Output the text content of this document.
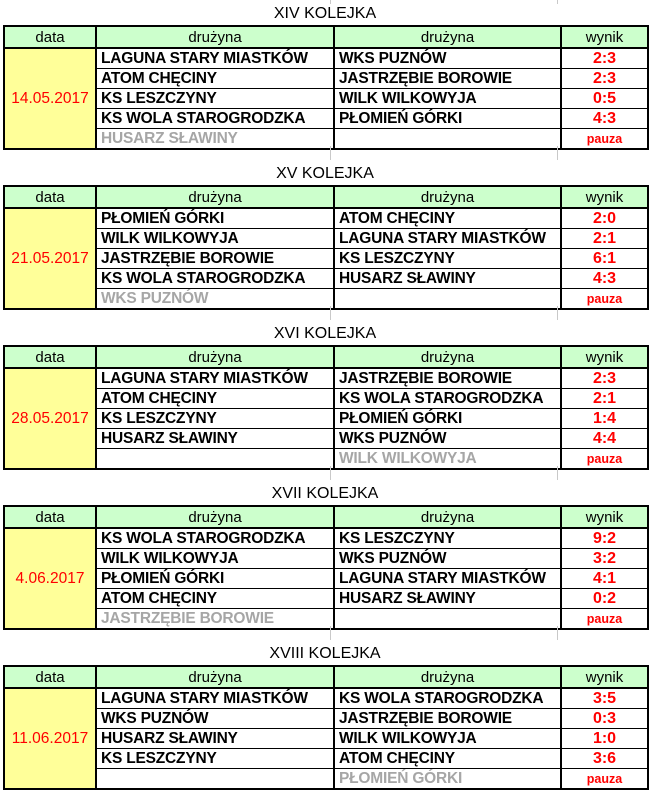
XIV KOLEJKA
data	drużyna	drużyna	wynik
14.05.2017	LAGUNA STARY MIASTKÓW	WKS PUZNÓW	2:3
	ATOM CHĘCINY	JASTRZĘBIE BOROWIE	2:3
	KS LESZCZYNY	WILK WILKOWYJA	0:5
	KS WOLA STAROGRODZKA	PŁOMIEŃ GÓRKI	4:3
	HUSARZ SŁAWINY		pauza
XV KOLEJKA
data	drużyna	drużyna	wynik
21.05.2017	PŁOMIEŃ GÓRKI	ATOM CHĘCINY	2:0
	WILK WILKOWYJA	LAGUNA STARY MIASTKÓW	2:1
	JASTRZĘBIE BOROWIE	KS LESZCZYNY	6:1
	KS WOLA STAROGRODZKA	HUSARZ SŁAWINY	4:3
	WKS PUZNÓW		pauza
XVI KOLEJKA
data	drużyna	drużyna	wynik
28.05.2017	LAGUNA STARY MIASTKÓW	JASTRZĘBIE BOROWIE	2:3
	ATOM CHĘCINY	KS WOLA STAROGRODZKA	2:1
	KS LESZCZYNY	PŁOMIEŃ GÓRKI	1:4
	HUSARZ SŁAWINY	WKS PUZNÓW	4:4
		WILK WILKOWYJA	pauza
XVII KOLEJKA
data	drużyna	drużyna	wynik
4.06.2017	KS WOLA STAROGRODZKA	KS LESZCZYNY	9:2
	WILK WILKOWYJA	WKS PUZNÓW	3:2
	PŁOMIEŃ GÓRKI	LAGUNA STARY MIASTKÓW	4:1
	ATOM CHĘCINY	HUSARZ SŁAWINY	0:2
	JASTRZĘBIE BOROWIE		pauza
XVIII KOLEJKA
data	drużyna	drużyna	wynik
11.06.2017	LAGUNA STARY MIASTKÓW	KS WOLA STAROGRODZKA	3:5
	WKS PUZNÓW	JASTRZĘBIE BOROWIE	0:3
	HUSARZ SŁAWINY	WILK WILKOWYJA	1:0
	KS LESZCZYNY	ATOM CHĘCINY	3:6
		PŁOMIEŃ GÓRKI	pauza
